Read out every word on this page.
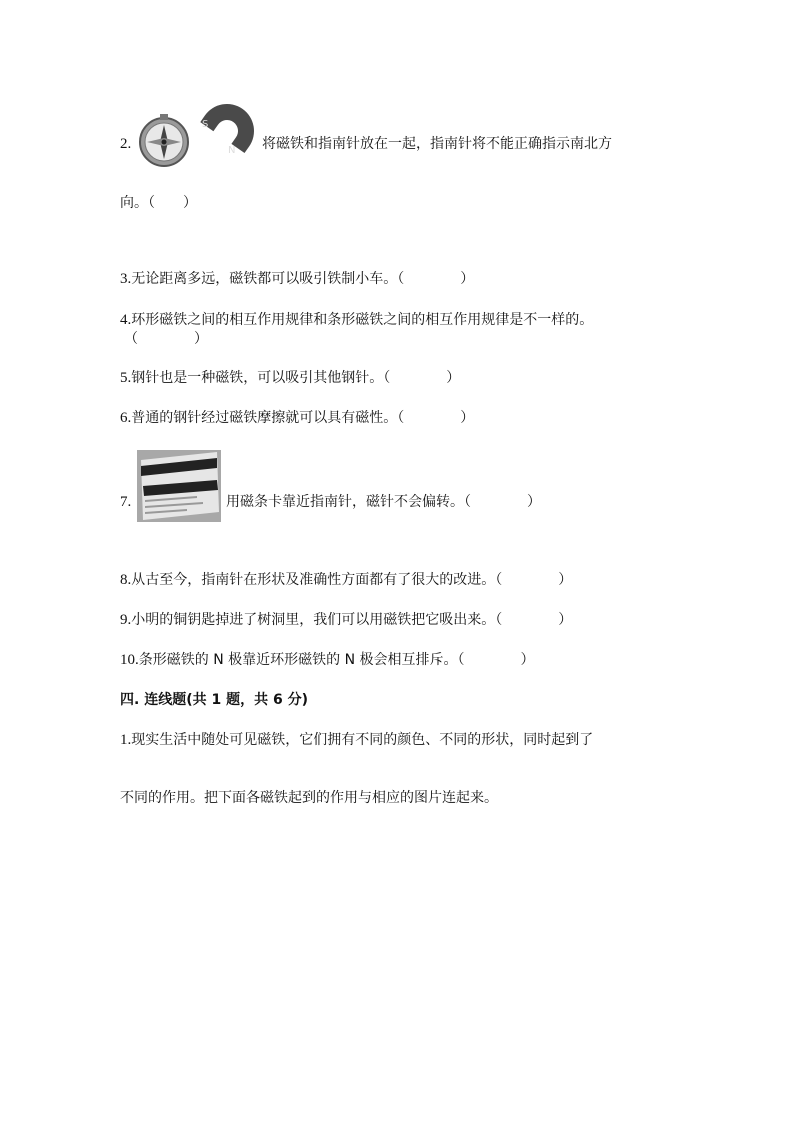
2.
S
N 将磁铁和指南针放在一起，指南针将不能正确指示南北方
向。（　　）
3.无论距离多远，磁铁都可以吸引铁制小车。（	）
4.环形磁铁之间的相互作用规律和条形磁铁之间的相互作用规律是不一样的。
（	）
5.钢针也是一种磁铁，可以吸引其他钢针。（	）
6.普通的钢针经过磁铁摩擦就可以具有磁性。（	）
7.	用磁条卡靠近指南针，磁针不会偏转。（	）
8.从古至今，指南针在形状及准确性方面都有了很大的改进。（	）
9.小明的铜钥匙掉进了树洞里，我们可以用磁铁把它吸出来。（	）
10.条形磁铁的 N 极靠近环形磁铁的 N 极会相互排斥。（	）
四. 连线题(共 1 题，共 6 分)
1.现实生活中随处可见磁铁，它们拥有不同的颜色、不同的形状，同时起到了
不同的作用。把下面各磁铁起到的作用与相应的图片连起来。
